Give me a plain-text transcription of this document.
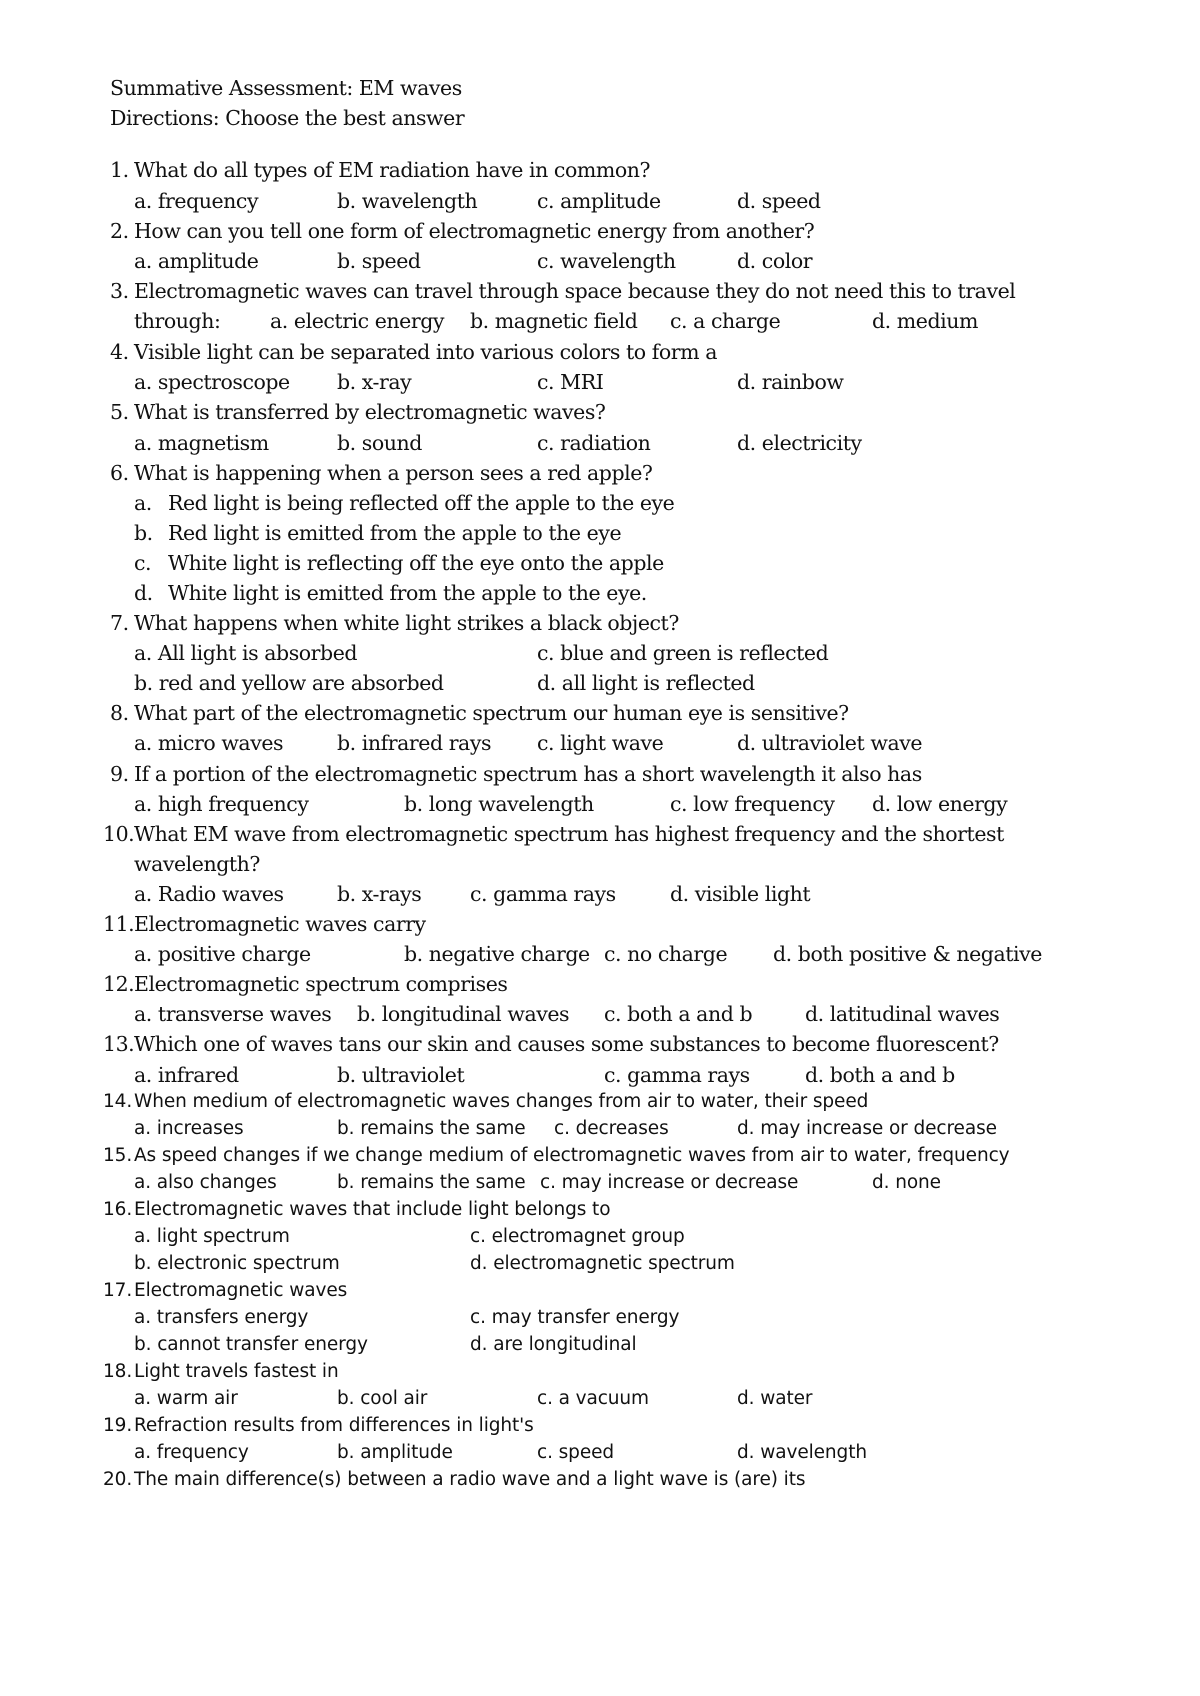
Summative Assessment: EM waves
Directions: Choose the best answer
1. What do all types of EM radiation have in common?
a. frequency	b. wavelength	c. amplitude	d. speed
2. How can you tell one form of electromagnetic energy from another?
a. amplitude	b. speed	c. wavelength	d. color
3. Electromagnetic waves can travel through space because they do not need this to travel
through: a. electric energy b. magnetic field c. a charge	d. medium
4. Visible light can be separated into various colors to form a
a. spectroscope b. x-ray	c. MRI	d. rainbow
5. What is transferred by electromagnetic waves?
a. magnetism	b. sound	c. radiation	d. electricity
6. What is happening when a person sees a red apple?
a. Red light is being reflected off the apple to the eye
b. Red light is emitted from the apple to the eye
c. White light is reflecting off the eye onto the apple
d. White light is emitted from the apple to the eye.
7. What happens when white light strikes a black object?
a. All light is absorbed	c. blue and green is reflected
b. red and yellow are absorbed	d. all light is reflected
8. What part of the electromagnetic spectrum our human eye is sensitive?
a. micro waves	b. infrared rays c. light wave	d. ultraviolet wave
9. If a portion of the electromagnetic spectrum has a short wavelength it also has
a. high frequency	b. long wavelength	c. low frequency d. low energy
10. What EM wave from electromagnetic spectrum has highest frequency and the shortest
wavelength?
a. Radio waves	b. x-rays c. gamma rays	d. visible light
11. Electromagnetic waves carry
a. positive charge	b. negative charge c. no charge d. both positive & negative
12. Electromagnetic spectrum comprises
a. transverse waves b. longitudinal waves c. both a and b	d. latitudinal waves
13. Which one of waves tans our skin and causes some substances to become fluorescent?
a. infrared	b. ultraviolet	c. gamma rays	d. both a and b
14. When medium of electromagnetic waves changes from air to water, their speed
a. increases	b. remains the same c. decreases	d. may increase or decrease
15. As speed changes if we change medium of electromagnetic waves from air to water, frequency
a. also changes	b. remains the same c. may increase or decrease	d. none
16. Electromagnetic waves that include light belongs to
a. light spectrum	c. electromagnet group
b. electronic spectrum	d. electromagnetic spectrum
17. Electromagnetic waves
a. transfers energy	c. may transfer energy
b. cannot transfer energy	d. are longitudinal
18. Light travels fastest in
a. warm air	b. cool air	c. a vacuum	d. water
19. Refraction results from differences in light's
a. frequency	b. amplitude	c. speed	d. wavelength
20. The main difference(s) between a radio wave and a light wave is (are) its
